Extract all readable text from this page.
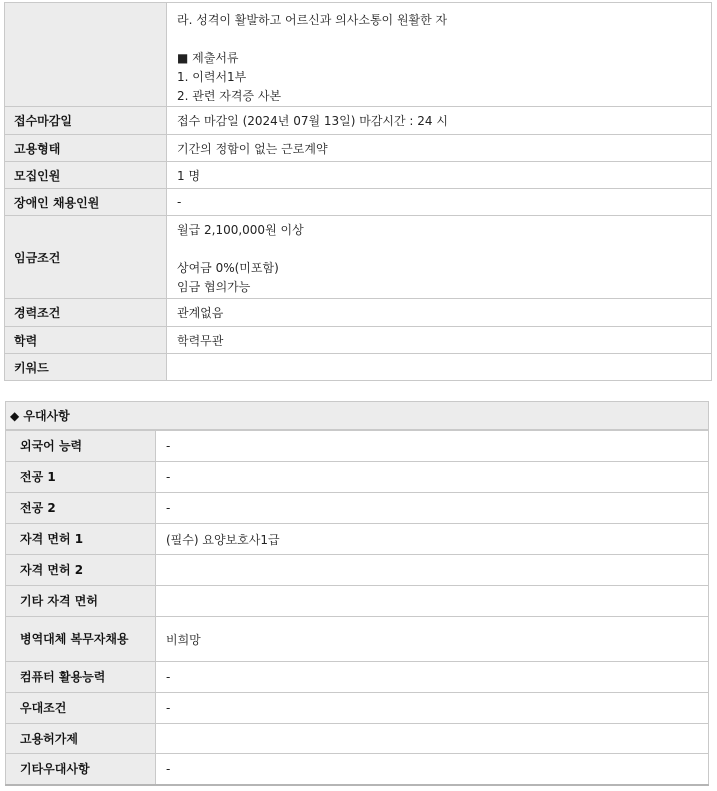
	라. 성격이 활발하고 어르신과 의사소통이 원활한 자
■ 제출서류
1. 이력서1부
2. 관련 자격증 사본

접수마감일	접수 마감일 (2024년 07월 13일) 마감시간 : 24 시
고용형태	기간의 정함이 없는 근로계약
모집인원	1 명
장애인 채용인원	-
임금조건	월급 2,100,000원 이상
상여금 0%(미포함)
임금 협의가능

경력조건	관계없음
학력	학력무관
키워드	
◆ 우대사항
외국어 능력	-
전공 1	-
전공 2	-
자격 면허 1	(필수) 요양보호사1급
자격 면허 2	
기타 자격 면허	
병역대체 복무자채용	비희망
컴퓨터 활용능력	-
우대조건	-
고용허가제	
기타우대사항	-
